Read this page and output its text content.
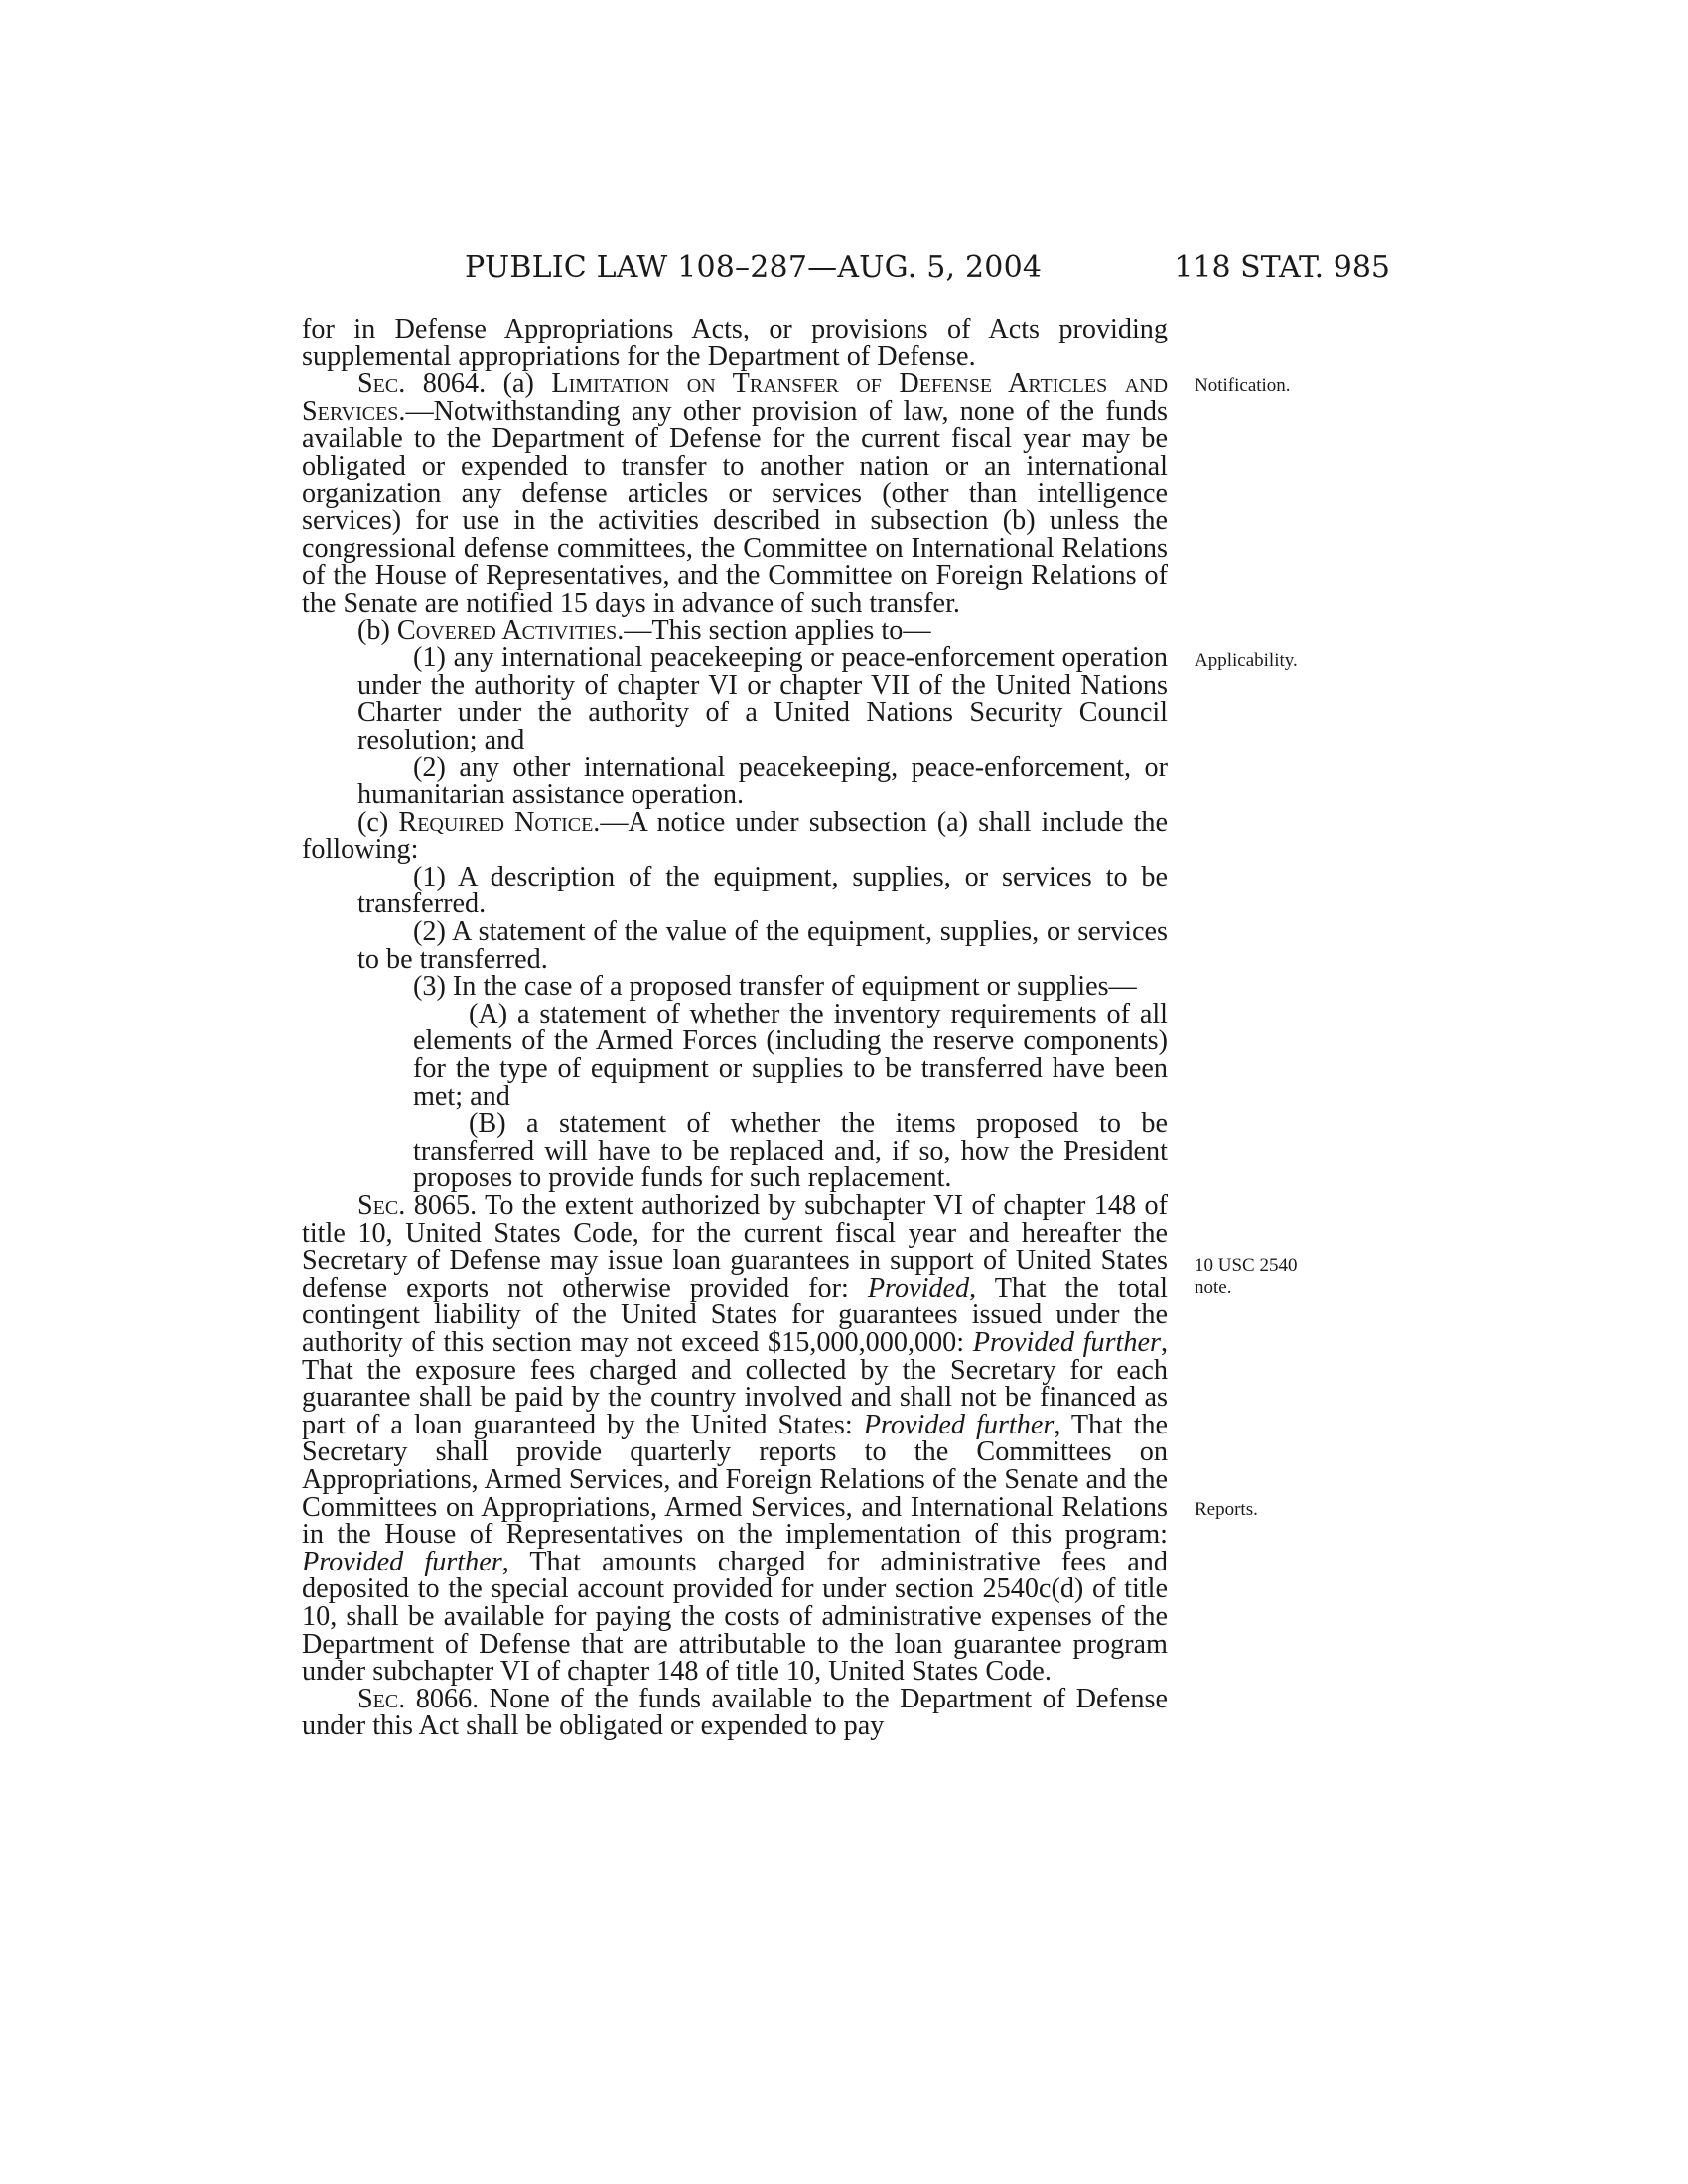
PUBLIC LAW 108–287—AUG. 5, 2004	118 STAT. 985

for in Defense Appropriations Acts, or provisions of Acts providing supplemental appropriations for the Department of Defense.

Sec. 8064. (a) Limitation on Transfer of Defense Articles and Services.—Notwithstanding any other provision of law, none of the funds available to the Department of Defense for the current fiscal year may be obligated or expended to transfer to another nation or an international organization any defense articles or services (other than intelligence services) for use in the activities described in subsection (b) unless the congressional defense committees, the Committee on International Relations of the House of Representatives, and the Committee on Foreign Relations of the Senate are notified 15 days in advance of such transfer.

(b) Covered Activities.—This section applies to—

(1) any international peacekeeping or peace-enforcement operation under the authority of chapter VI or chapter VII of the United Nations Charter under the authority of a United Nations Security Council resolution; and

(2) any other international peacekeeping, peace-enforcement, or humanitarian assistance operation.

(c) Required Notice.—A notice under subsection (a) shall include the following:

(1) A description of the equipment, supplies, or services to be transferred.

(2) A statement of the value of the equipment, supplies, or services to be transferred.

(3) In the case of a proposed transfer of equipment or supplies—

(A) a statement of whether the inventory requirements of all elements of the Armed Forces (including the reserve components) for the type of equipment or supplies to be transferred have been met; and

(B) a statement of whether the items proposed to be transferred will have to be replaced and, if so, how the President proposes to provide funds for such replacement.

Sec. 8065. To the extent authorized by subchapter VI of chapter 148 of title 10, United States Code, for the current fiscal year and hereafter the Secretary of Defense may issue loan guarantees in support of United States defense exports not otherwise provided for: Provided, That the total contingent liability of the United States for guarantees issued under the authority of this section may not exceed $15,000,000,000: Provided further, That the exposure fees charged and collected by the Secretary for each guarantee shall be paid by the country involved and shall not be financed as part of a loan guaranteed by the United States: Provided further, That the Secretary shall provide quarterly reports to the Committees on Appropriations, Armed Services, and Foreign Relations of the Senate and the Committees on Appropriations, Armed Services, and International Relations in the House of Representatives on the implementation of this program: Provided further, That amounts charged for administrative fees and deposited to the special account provided for under section 2540c(d) of title 10, shall be available for paying the costs of administrative expenses of the Department of Defense that are attributable to the loan guarantee program under subchapter VI of chapter 148 of title 10, United States Code.

Sec. 8066. None of the funds available to the Department of Defense under this Act shall be obligated or expended to pay

Notification.
Applicability.
10 USC 2540
note.
Reports.
